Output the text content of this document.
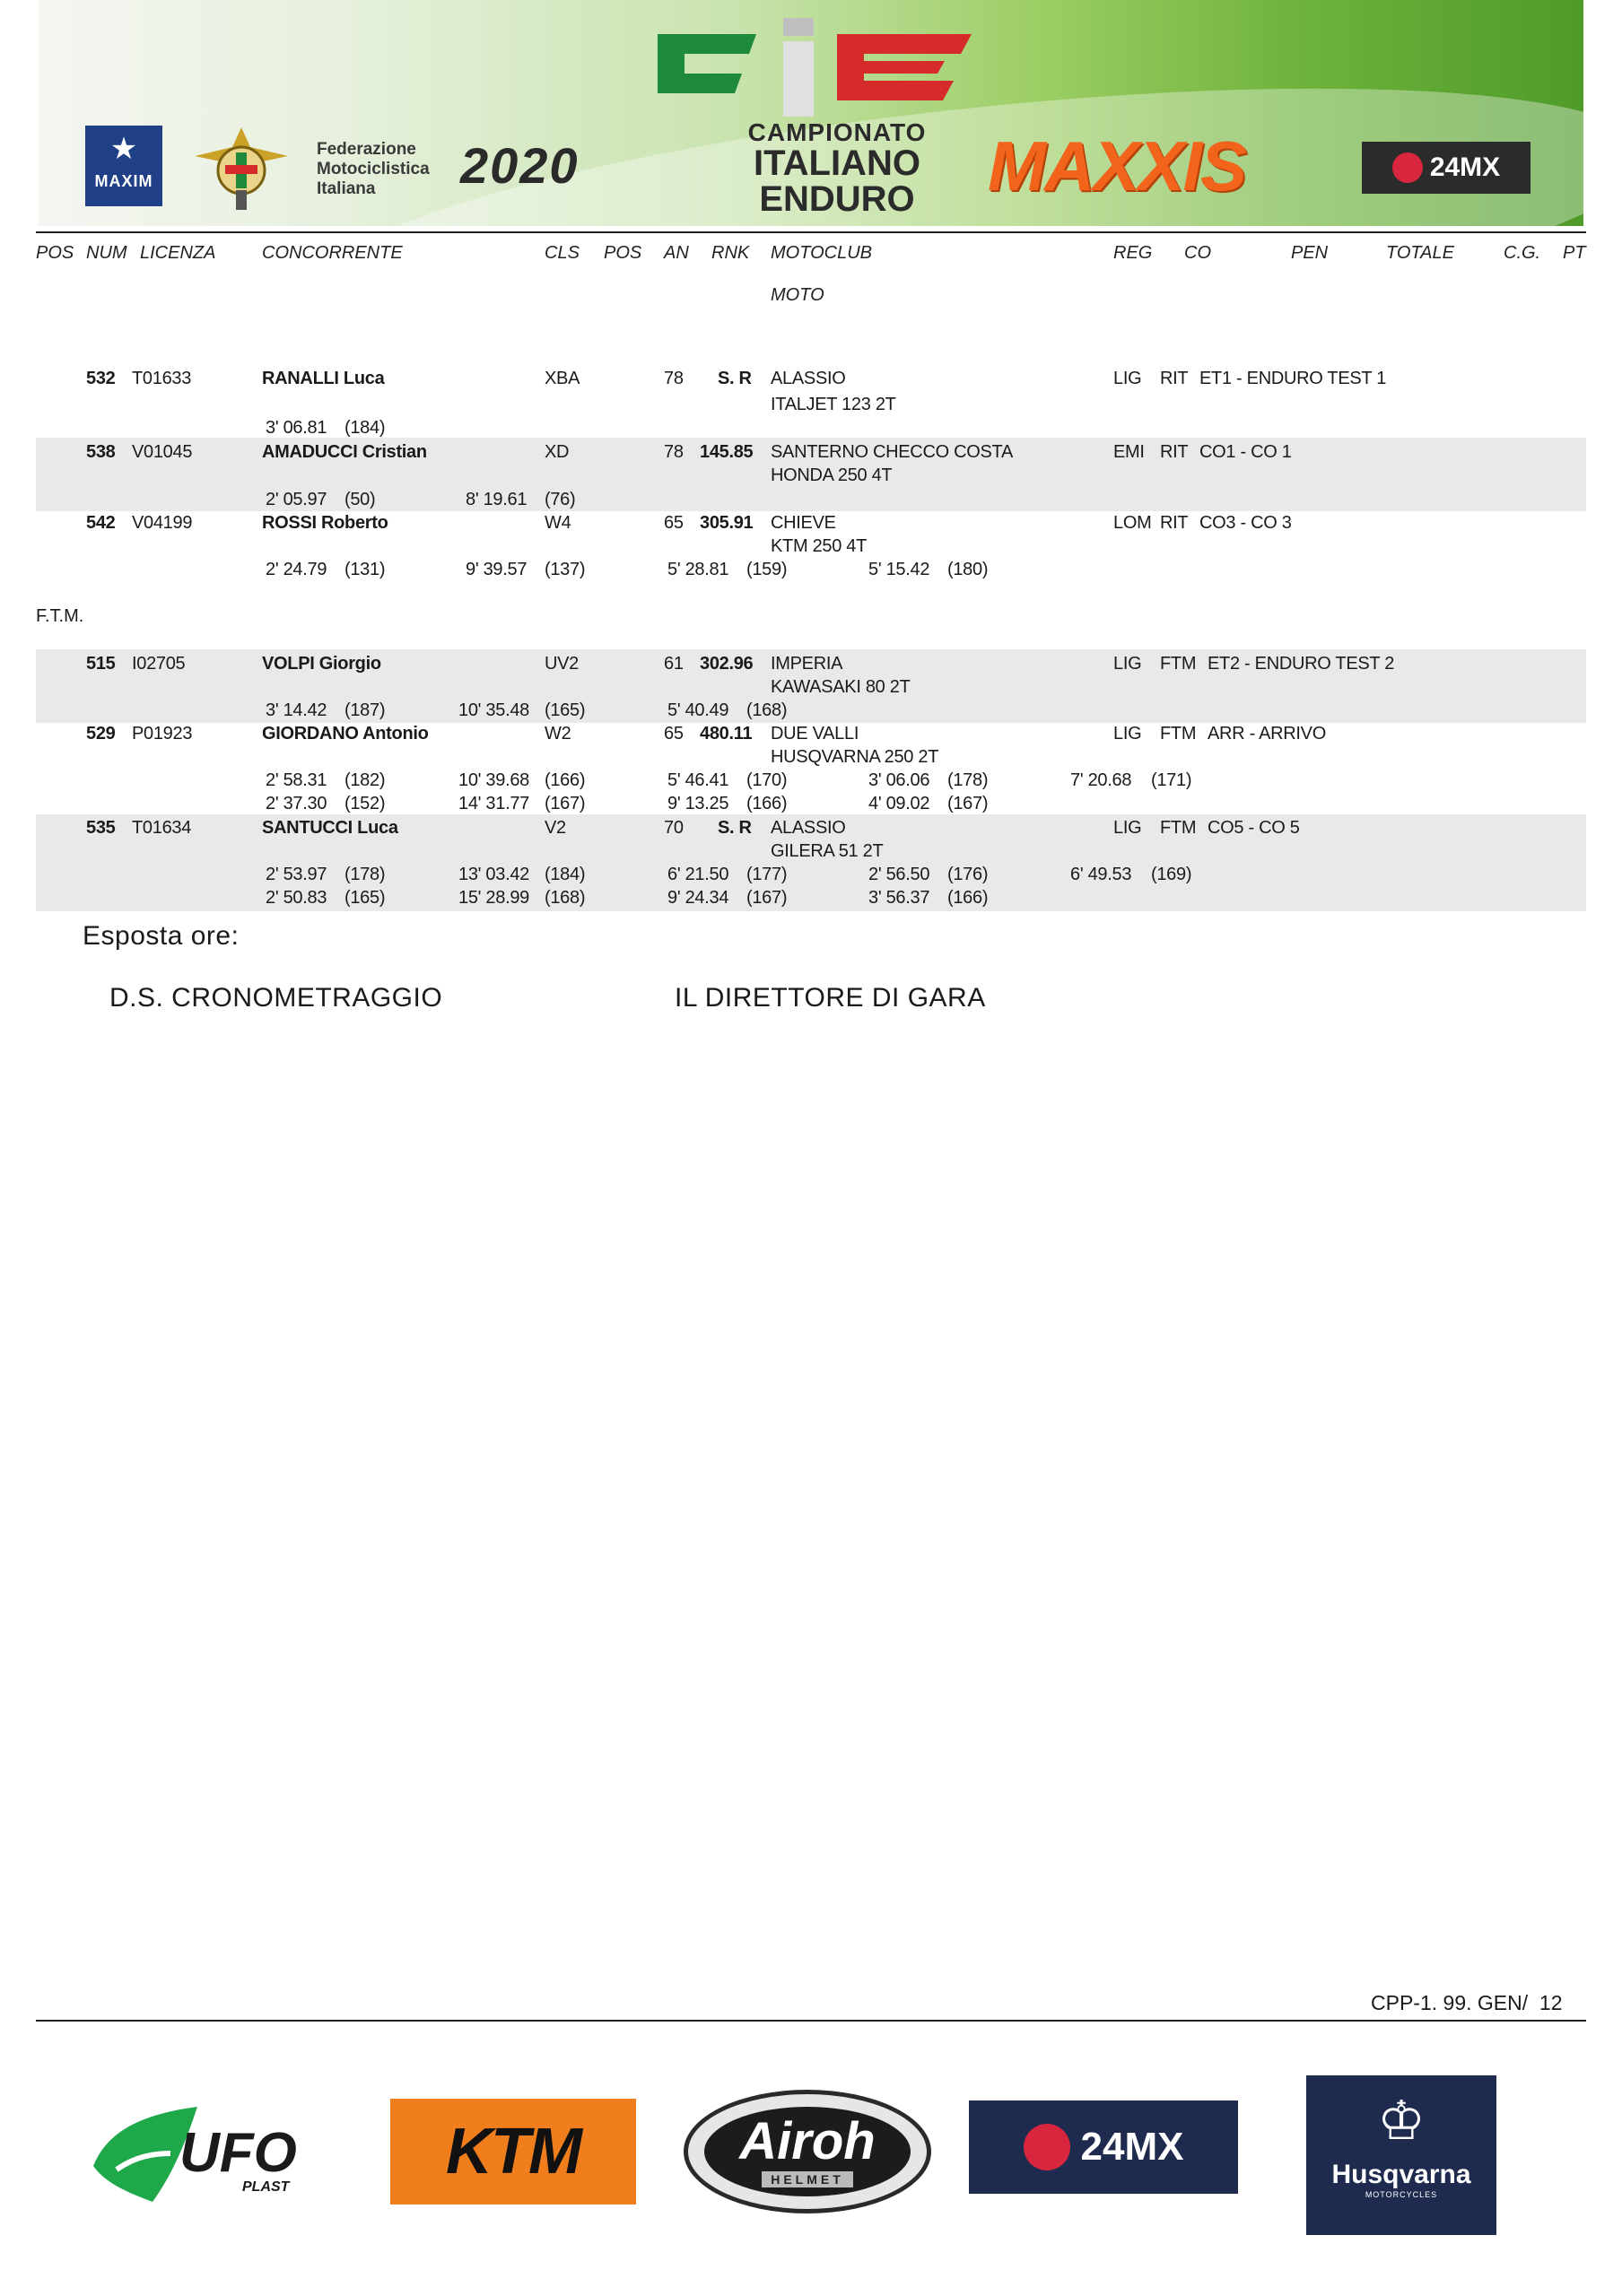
★
MAXIM
Federazione
Motociclistica
Italiana	2020
CAMPIONATO
ITALIANO
ENDURO	MAXXIS	24MX
POS NUM LICENZA	CONCORRENTE	CLS POS AN RNK MOTOCLUB
MOTO
REG CO	PEN	TOTALE	C.G. PT
532 T01633	RANALLI Luca	XBA	78 S. R ALASSIO
ITALJET 123 2T
LIG RIT ET1 - ENDURO TEST 1
3' 06.81 (184)
538 V01045	AMADUCCI Cristian	XD	78 145.85 SANTERNO CHECCO COSTA
HONDA 250 4T
EMI RIT CO1 - CO 1
2' 05.97 (50)	8' 19.61 (76)
542 V04199	ROSSI Roberto	W4	65 305.91 CHIEVE
KTM 250 4T
LOM RIT CO3 - CO 3
2' 24.79 (131)	9' 39.57 (137)	5' 28.81 (159)	5' 15.42 (180)
F.T.M.
515 I02705	VOLPI Giorgio	UV2	61 302.96 IMPERIA
KAWASAKI 80 2T
LIG FTM ET2 - ENDURO TEST 2
3' 14.42 (187)	10' 35.48 (165)	5' 40.49 (168)
529 P01923	GIORDANO Antonio	W2	65 480.11 DUE VALLI
HUSQVARNA 250 2T
LIG FTM ARR - ARRIVO
2' 58.31 (182)	10' 39.68 (166)	5' 46.41 (170)	3' 06.06 (178)	7' 20.68 (171)
2' 37.30 (152)	14' 31.77 (167)	9' 13.25 (166)	4' 09.02 (167)
535 T01634	SANTUCCI Luca	V2	70 S. R ALASSIO
GILERA 51 2T
LIG FTM CO5 - CO 5
2' 53.97 (178)	13' 03.42 (184)	6' 21.50 (177)	2' 56.50 (176)	6' 49.53 (169)
2' 50.83 (165)	15' 28.99 (168)	9' 24.34 (167)	3' 56.37 (166)
Esposta ore:
D.S. CRONOMETRAGGIO	IL DIRETTORE DI GARA
CPP-1. 99. GEN/  12
UFO
PLAST	KTM	Airoh
HELMET
24MX	♔
Husqvarna
MOTORCYCLES
